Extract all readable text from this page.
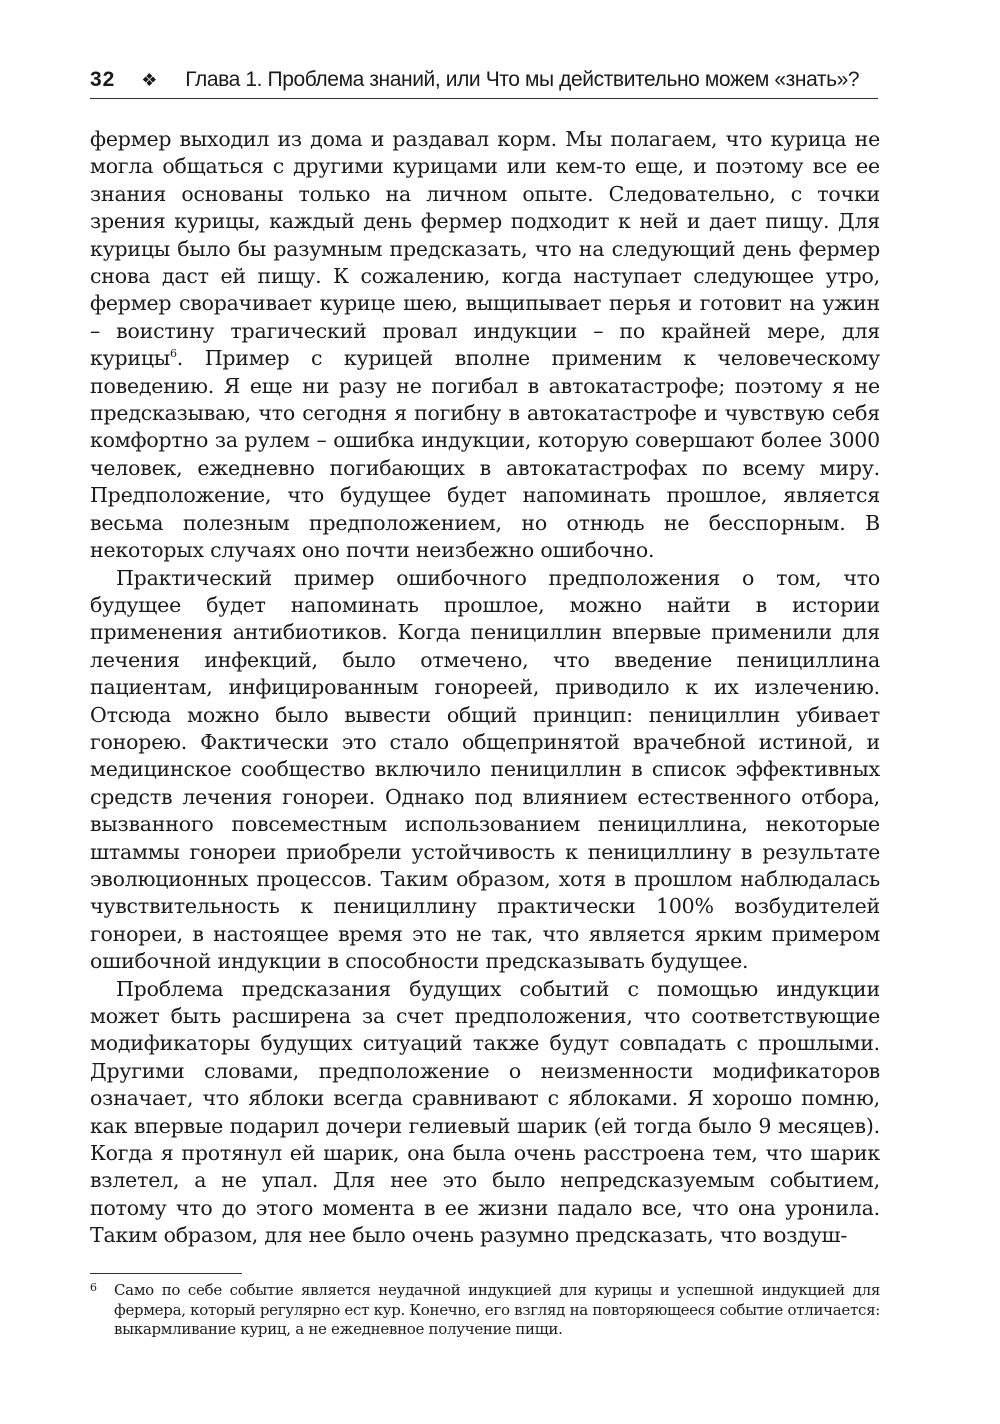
32 ❖ Глава 1. Проблема знаний, или Что мы действительно можем «знать»?

фермер выходил из дома и раздавал корм. Мы полагаем, что курица не могла общаться с другими курицами или кем-то еще, и поэтому все ее знания основаны только на личном опыте. Следовательно, с точки зрения курицы, каждый день фермер подходит к ней и дает пищу. Для курицы было бы разумным предсказать, что на следующий день фермер снова даст ей пищу. К сожалению, когда наступает следующее утро, фермер сворачивает курице шею, выщипывает перья и готовит на ужин – воистину трагический провал индукции – по крайней мере, для курицы$^6$. Пример с курицей вполне применим к человеческому поведению. Я еще ни разу не погибал в автокатастрофе; поэтому я не предсказываю, что сегодня я погибну в автокатастрофе и чувствую себя комфортно за рулем – ошибка индукции, которую совершают более 3000 человек, ежедневно погибающих в автокатастрофах по всему миру. Предположение, что будущее будет напоминать прошлое, является весьма полезным предположением, но отнюдь не бесспорным. В некоторых случаях оно почти неизбежно ошибочно.

Практический пример ошибочного предположения о том, что будущее будет напоминать прошлое, можно найти в истории применения антибиотиков. Когда пенициллин впервые применили для лечения инфекций, было отмечено, что введение пенициллина пациентам, инфицированным гонореей, приводило к их излечению. Отсюда можно было вывести общий принцип: пенициллин убивает гонорею. Фактически это стало общепринятой врачебной истиной, и медицинское сообщество включило пенициллин в список эффективных средств лечения гонореи. Однако под влиянием естественного отбора, вызванного повсеместным использованием пенициллина, некоторые штаммы гонореи приобрели устойчивость к пенициллину в результате эволюционных процессов. Таким образом, хотя в прошлом наблюдалась чувствительность к пенициллину практически 100% возбудителей гонореи, в настоящее время это не так, что является ярким примером ошибочной индукции в способности предсказывать будущее.

Проблема предсказания будущих событий с помощью индукции может быть расширена за счет предположения, что соответствующие модификаторы будущих ситуаций также будут совпадать с прошлыми. Другими словами, предположение о неизменности модификаторов означает, что яблоки всегда сравнивают с яблоками. Я хорошо помню, как впервые подарил дочери гелиевый шарик (ей тогда было 9 месяцев). Когда я протянул ей шарик, она была очень расстроена тем, что шарик взлетел, а не упал. Для нее это было непредсказуемым событием, потому что до этого момента в ее жизни падало все, что она уронила. Таким образом, для нее было очень разумно предсказать, что воздуш-

6 Само по себе событие является неудачной индукцией для курицы и успешной индукцией для фермера, который регулярно ест кур. Конечно, его взгляд на повторяющееся событие отличается: выкармливание куриц, а не ежедневное получение пищи.
